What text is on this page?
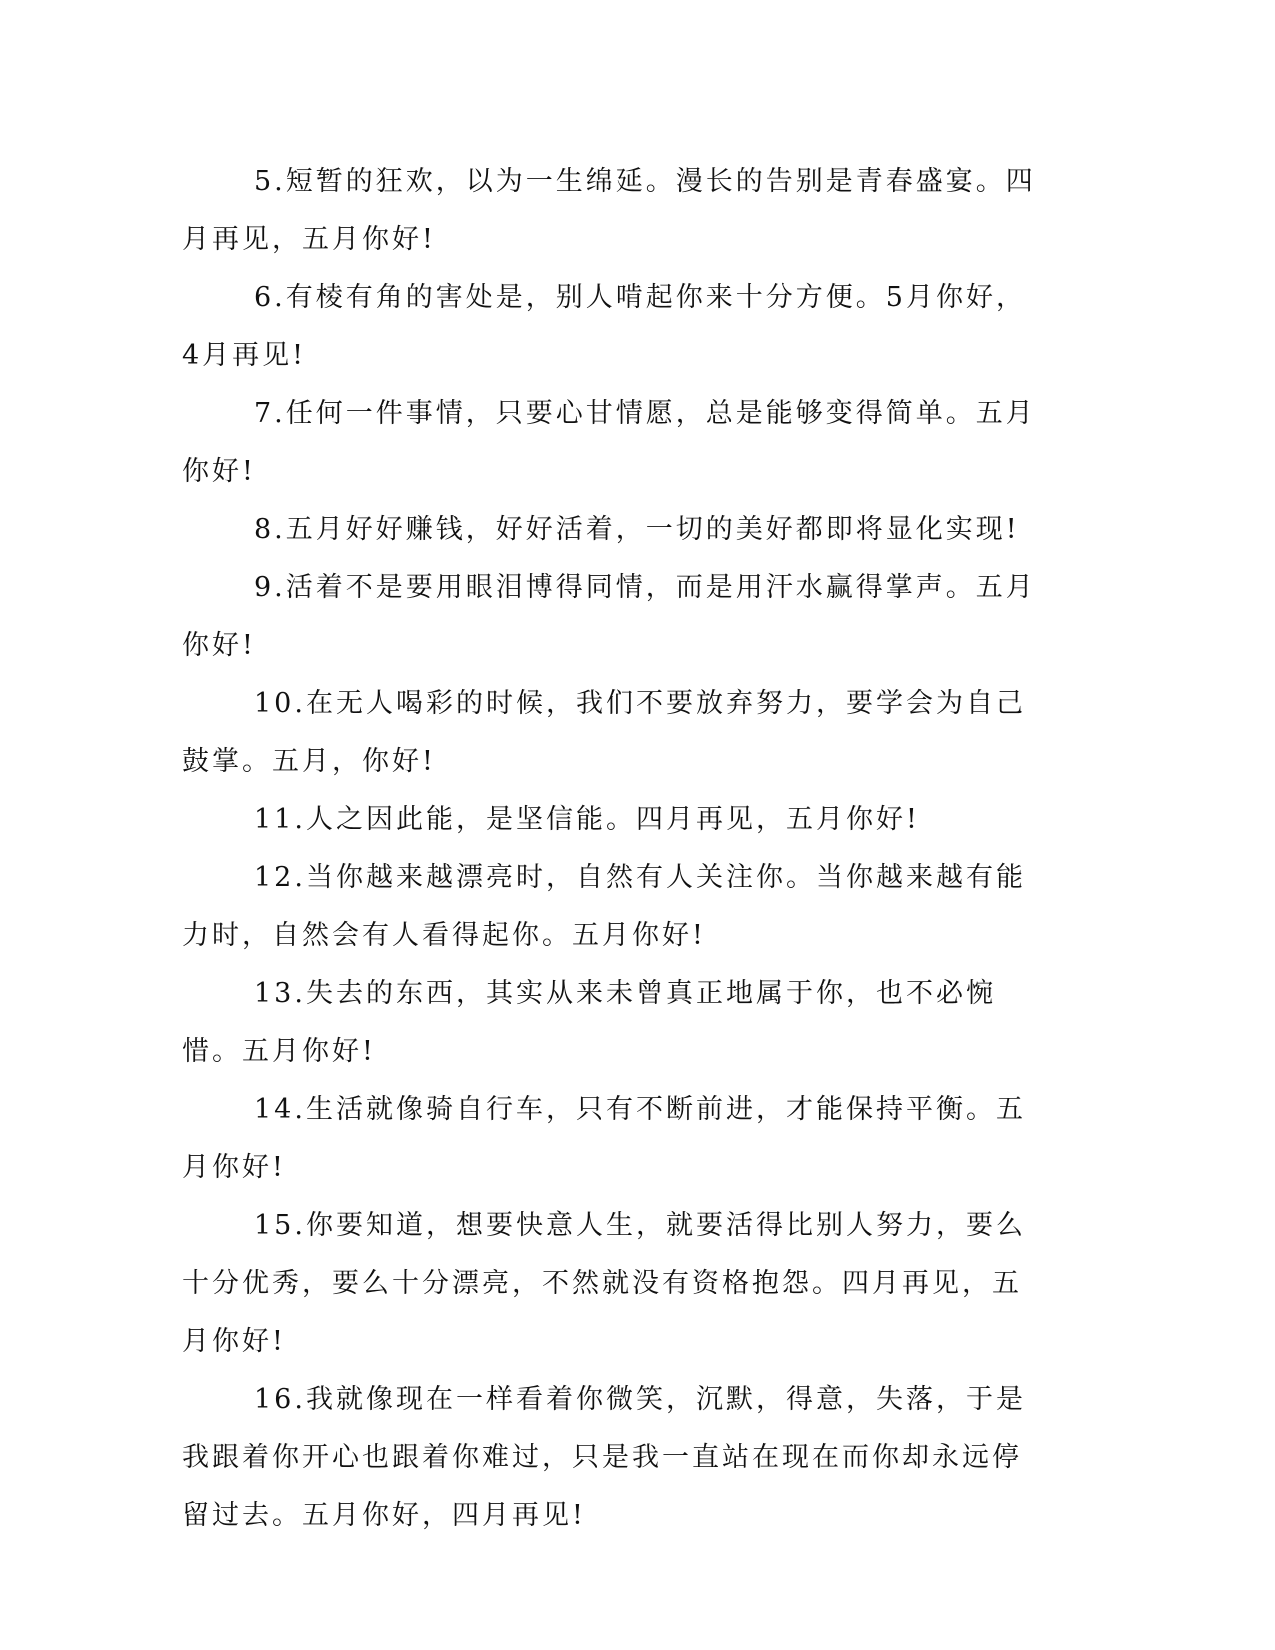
5.短暂的狂欢，以为一生绵延。漫长的告别是青春盛宴。四月再见，五月你好!

6.有棱有角的害处是，别人啃起你来十分方便。5月你好，4月再见!

7.任何一件事情，只要心甘情愿，总是能够变得简单。五月你好!

8.五月好好赚钱，好好活着，一切的美好都即将显化实现!

9.活着不是要用眼泪博得同情，而是用汗水赢得掌声。五月你好!

10.在无人喝彩的时候，我们不要放弃努力，要学会为自己鼓掌。五月，你好!

11.人之因此能，是坚信能。四月再见，五月你好!

12.当你越来越漂亮时，自然有人关注你。当你越来越有能力时，自然会有人看得起你。五月你好!

13.失去的东西，其实从来未曾真正地属于你，也不必惋惜。五月你好!

14.生活就像骑自行车，只有不断前进，才能保持平衡。五月你好!

15.你要知道，想要快意人生，就要活得比别人努力，要么十分优秀，要么十分漂亮，不然就没有资格抱怨。四月再见，五月你好!

16.我就像现在一样看着你微笑，沉默，得意，失落，于是我跟着你开心也跟着你难过，只是我一直站在现在而你却永远停留过去。五月你好，四月再见!
